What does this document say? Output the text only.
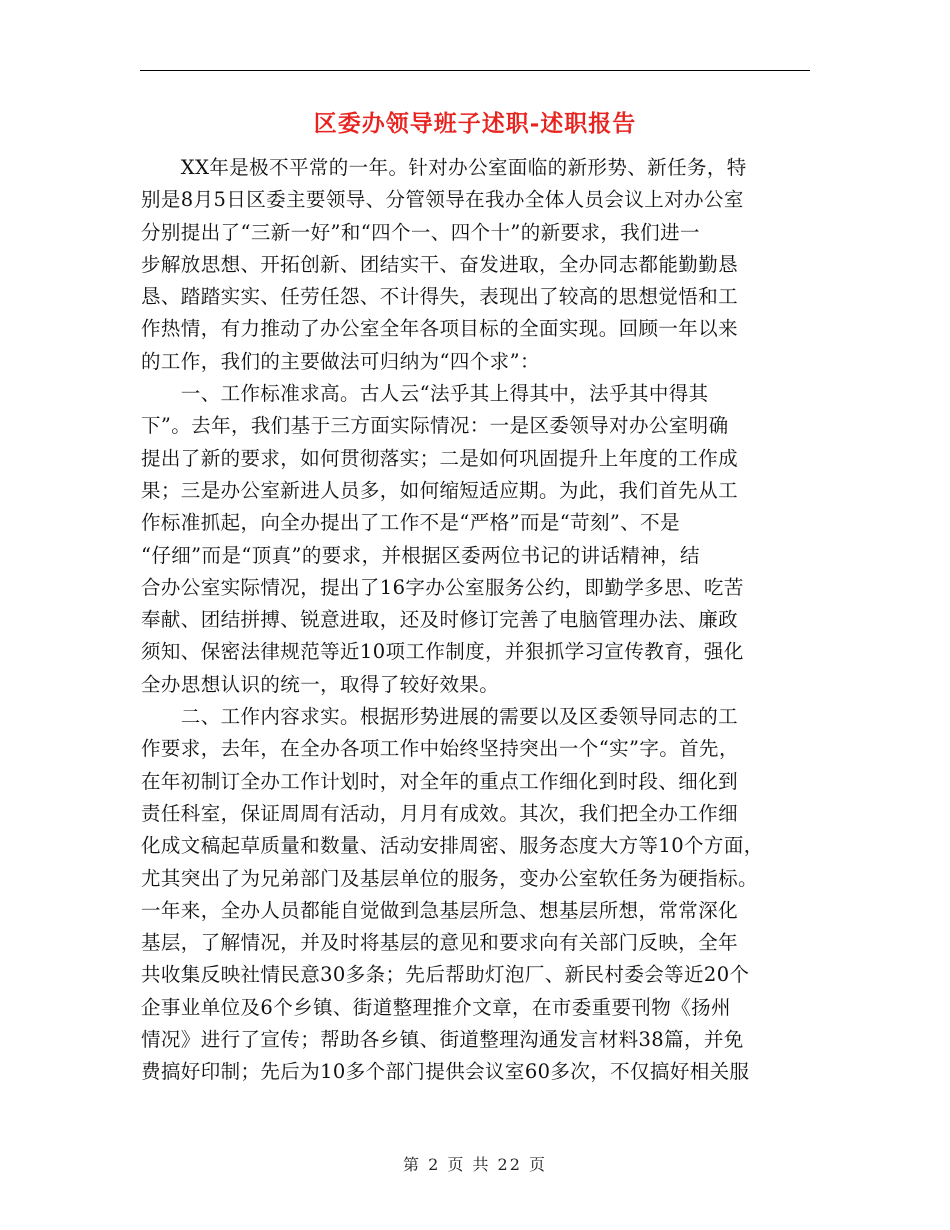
区委办领导班子述职-述职报告
　　XX年是极不平常的一年。针对办公室面临的新形势、新任务，特
别是8月5日区委主要领导、分管领导在我办全体人员会议上对办公室
分别提出了“三新一好”和“四个一、四个十”的新要求，我们进一
步解放思想、开拓创新、团结实干、奋发进取，全办同志都能勤勤恳
恳、踏踏实实、任劳任怨、不计得失，表现出了较高的思想觉悟和工
作热情，有力推动了办公室全年各项目标的全面实现。回顾一年以来
的工作，我们的主要做法可归纳为“四个求”：
　　一、工作标准求高。古人云“法乎其上得其中，法乎其中得其
下”。去年，我们基于三方面实际情况：一是区委领导对办公室明确
提出了新的要求，如何贯彻落实；二是如何巩固提升上年度的工作成
果；三是办公室新进人员多，如何缩短适应期。为此，我们首先从工
作标准抓起，向全办提出了工作不是“严格”而是“苛刻”、不是
“仔细”而是“顶真”的要求，并根据区委两位书记的讲话精神，结
合办公室实际情况，提出了16字办公室服务公约，即勤学多思、吃苦
奉献、团结拼搏、锐意进取，还及时修订完善了电脑管理办法、廉政
须知、保密法律规范等近10项工作制度，并狠抓学习宣传教育，强化
全办思想认识的统一，取得了较好效果。
　　二、工作内容求实。根据形势进展的需要以及区委领导同志的工
作要求，去年，在全办各项工作中始终坚持突出一个“实”字。首先，
在年初制订全办工作计划时，对全年的重点工作细化到时段、细化到
责任科室，保证周周有活动，月月有成效。其次，我们把全办工作细
化成文稿起草质量和数量、活动安排周密、服务态度大方等10个方面，
尤其突出了为兄弟部门及基层单位的服务，变办公室软任务为硬指标。
一年来，全办人员都能自觉做到急基层所急、想基层所想，常常深化
基层，了解情况，并及时将基层的意见和要求向有关部门反映，全年
共收集反映社情民意30多条；先后帮助灯泡厂、新民村委会等近20个
企事业单位及6个乡镇、街道整理推介文章，在市委重要刊物《扬州
情况》进行了宣传；帮助各乡镇、街道整理沟通发言材料38篇，并免
费搞好印制；先后为10多个部门提供会议室60多次，不仅搞好相关服
第 2 页 共 22 页
